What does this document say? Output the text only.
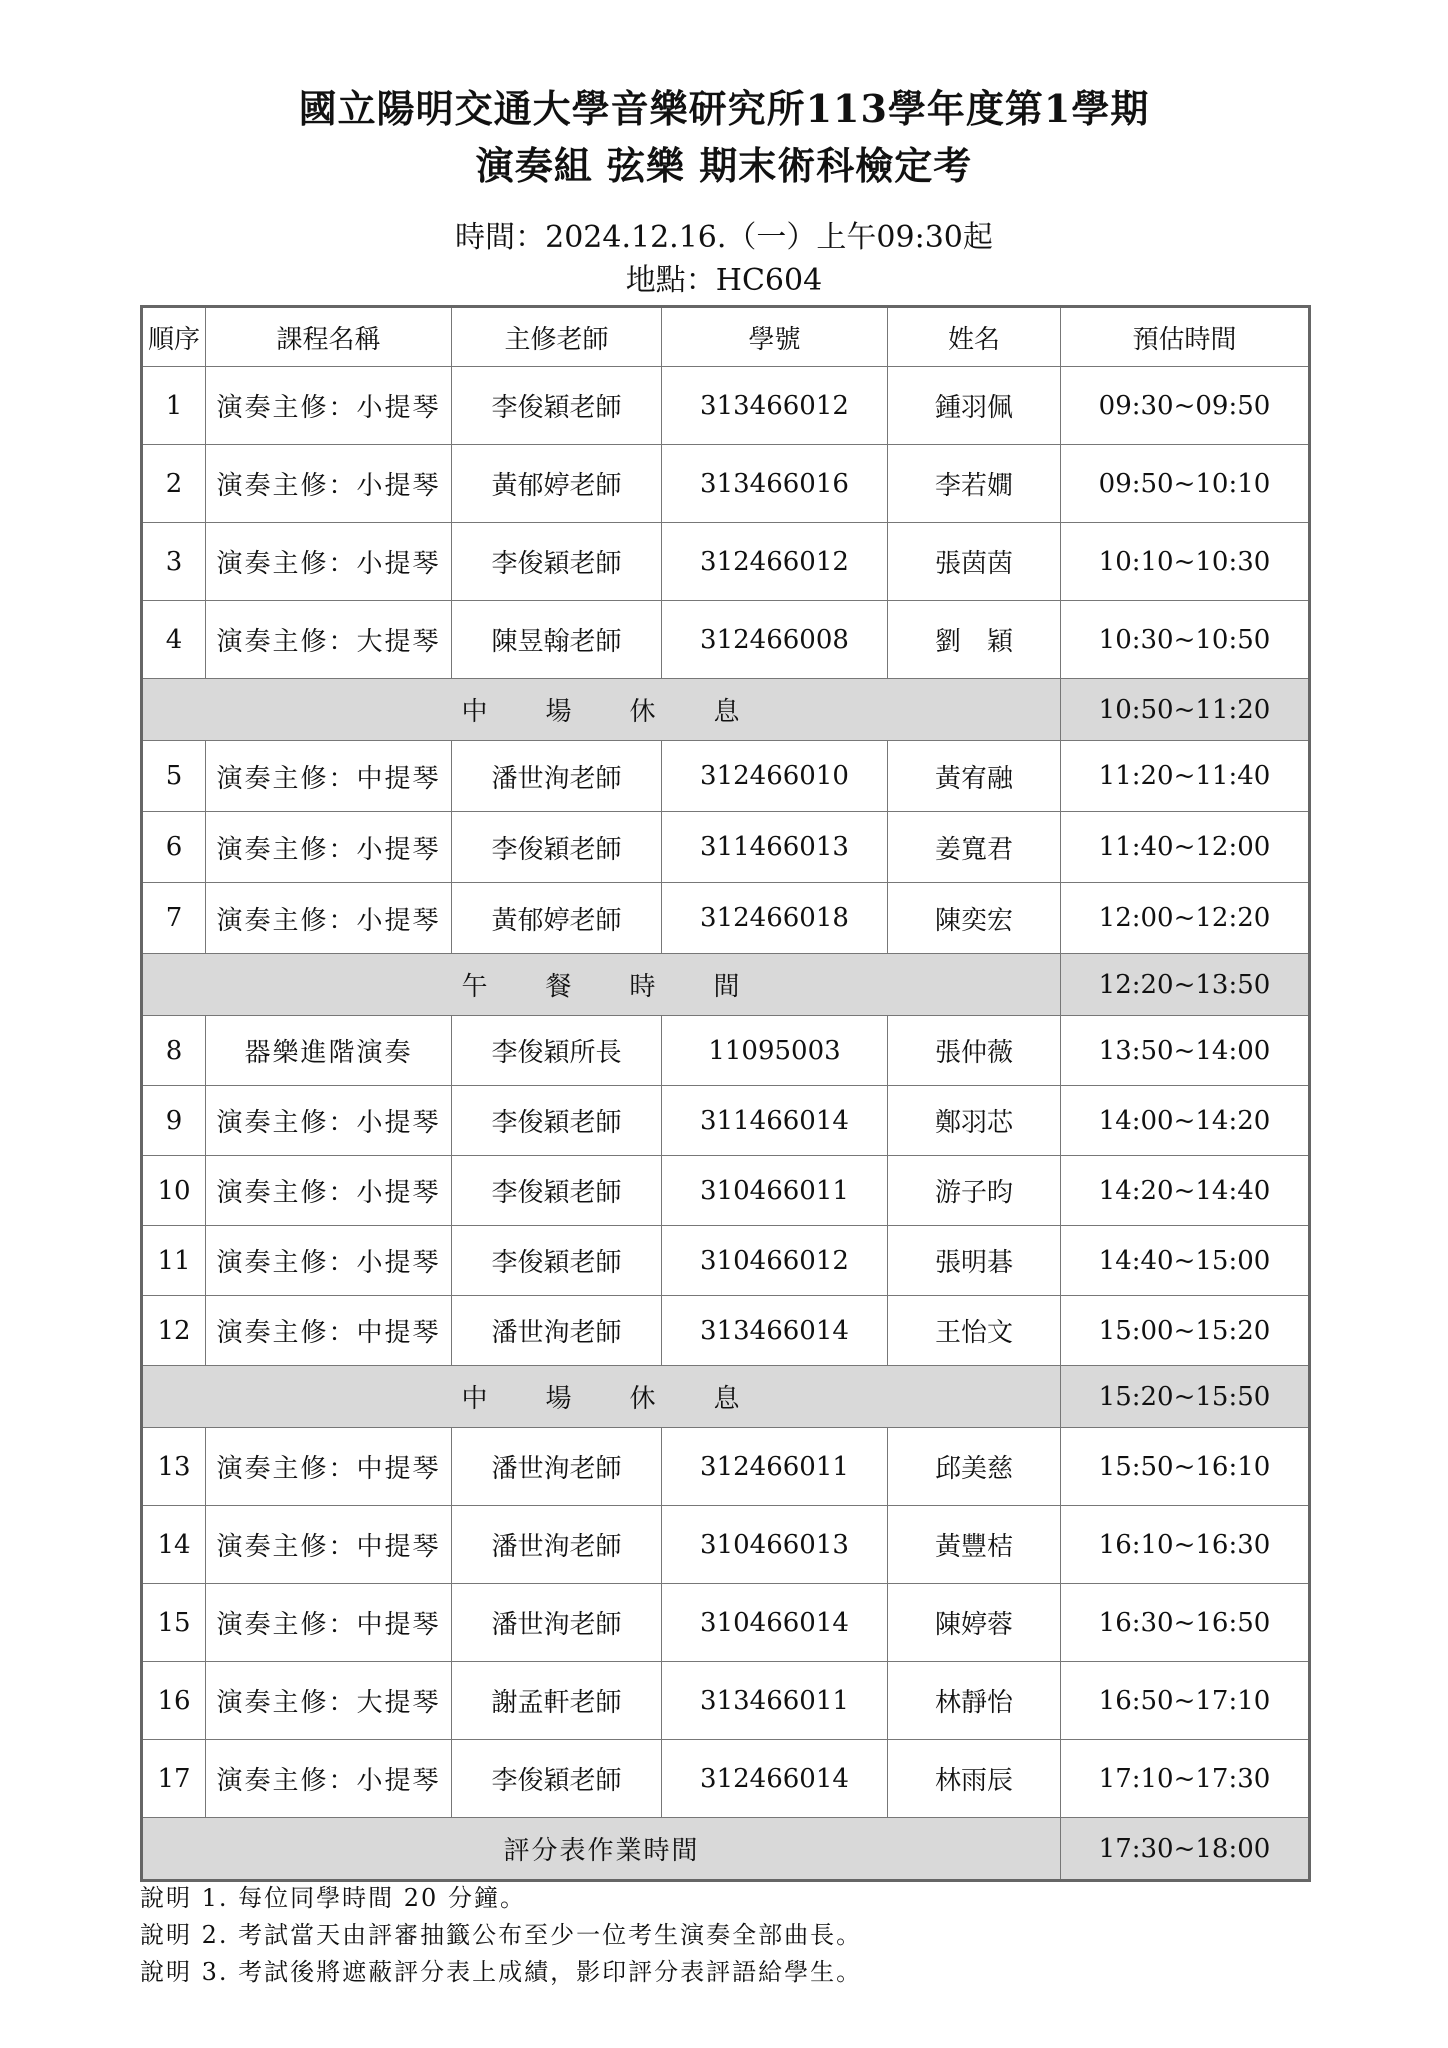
國立陽明交通大學音樂研究所113學年度第1學期
演奏組 弦樂 期末術科檢定考
時間：2024.12.16.（一）上午09:30起
地點：HC604
順序	課程名稱	主修老師	學號	姓名	預估時間
1	演奏主修：小提琴	李俊穎老師	313466012	鍾羽佩	09:30~09:50
2	演奏主修：小提琴	黃郁婷老師	313466016	李若嫺	09:50~10:10
3	演奏主修：小提琴	李俊穎老師	312466012	張茵茵	10:10~10:30
4	演奏主修：大提琴	陳昱翰老師	312466008	劉　穎	10:30~10:50
中　　場　　休　　息					10:50~11:20
5	演奏主修：中提琴	潘世洵老師	312466010	黃宥融	11:20~11:40
6	演奏主修：小提琴	李俊穎老師	311466013	姜寬君	11:40~12:00
7	演奏主修：小提琴	黃郁婷老師	312466018	陳奕宏	12:00~12:20
午　　餐　　時　　間					12:20~13:50
8	器樂進階演奏	李俊穎所長	11095003	張仲薇	13:50~14:00
9	演奏主修：小提琴	李俊穎老師	311466014	鄭羽芯	14:00~14:20
10	演奏主修：小提琴	李俊穎老師	310466011	游子昀	14:20~14:40
11	演奏主修：小提琴	李俊穎老師	310466012	張明碁	14:40~15:00
12	演奏主修：中提琴	潘世洵老師	313466014	王怡文	15:00~15:20
中　　場　　休　　息					15:20~15:50
13	演奏主修：中提琴	潘世洵老師	312466011	邱美慈	15:50~16:10
14	演奏主修：中提琴	潘世洵老師	310466013	黃豐桔	16:10~16:30
15	演奏主修：中提琴	潘世洵老師	310466014	陳婷蓉	16:30~16:50
16	演奏主修：大提琴	謝孟軒老師	313466011	林靜怡	16:50~17:10
17	演奏主修：小提琴	李俊穎老師	312466014	林雨辰	17:10~17:30
評分表作業時間					17:30~18:00
說明 1. 每位同學時間 20 分鐘。
說明 2. 考試當天由評審抽籤公布至少一位考生演奏全部曲長。
說明 3. 考試後將遮蔽評分表上成績，影印評分表評語給學生。
